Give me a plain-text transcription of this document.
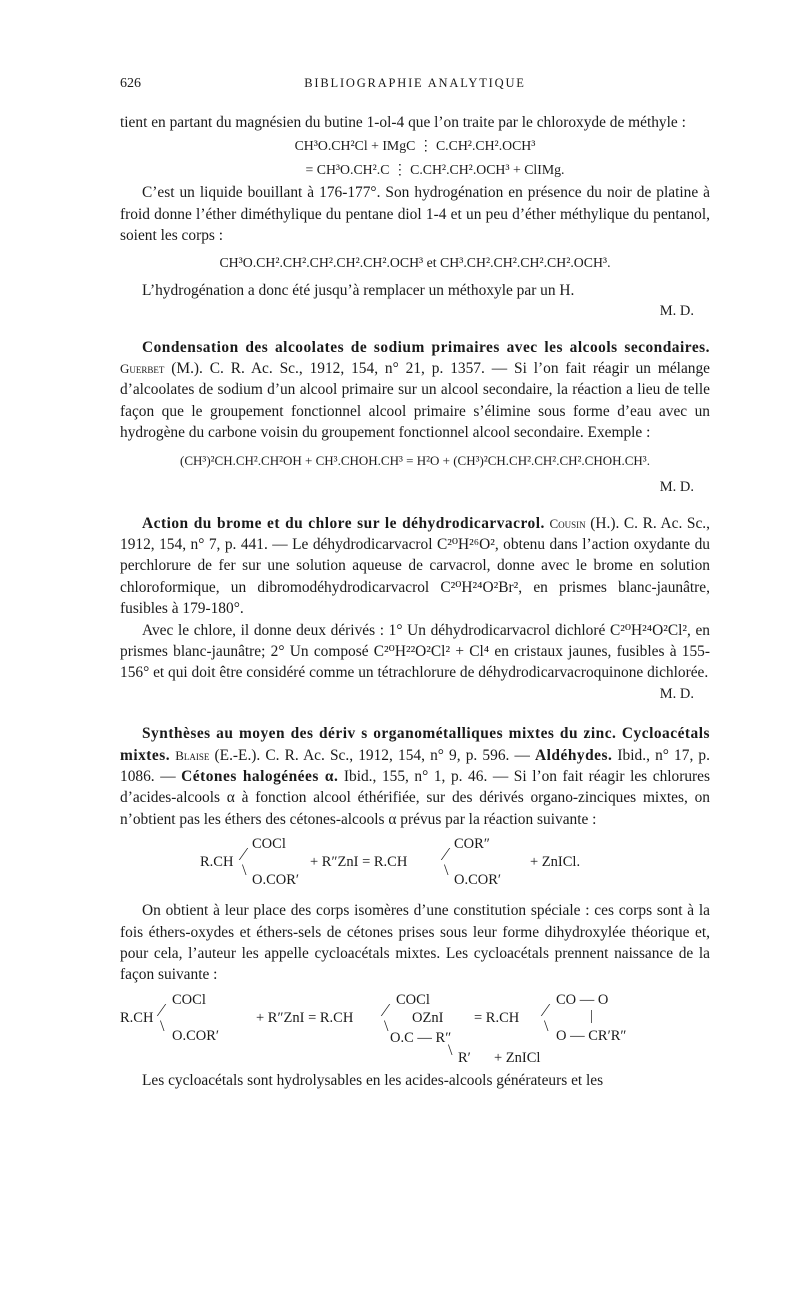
626	BIBLIOGRAPHIE ANALYTIQUE

tient en partant du magnésien du butine 1-ol-4 que l’on traite par le chloroxyde de méthyle :

CH³O.CH²Cl + IMgC ⋮ C.CH².CH².OCH³
= CH³O.CH².C ⋮ C.CH².CH².OCH³ + ClIMg.

C’est un liquide bouillant à 176-177°. Son hydrogénation en présence du noir de platine à froid donne l’éther diméthylique du pentane diol 1-4 et un peu d’éther méthylique du pentanol, soient les corps :

CH³O.CH².CH².CH².CH².CH².OCH³ et CH³.CH².CH².CH².CH².OCH³.

L’hydrogénation a donc été jusqu’à remplacer un méthoxyle par un H.

M. D.

Condensation des alcoolates de sodium primaires avec les alcools secondaires. Guerbet (M.). C. R. Ac. Sc., 1912, 154, n° 21, p. 1357. — Si l’on fait réagir un mélange d’alcoolates de sodium d’un alcool primaire sur un alcool secondaire, la réaction a lieu de telle façon que le groupement fonctionnel alcool primaire s’élimine sous forme d’eau avec un hydrogène du carbone voisin du groupement fonctionnel alcool secondaire. Exemple :

(CH³)²CH.CH².CH²OH + CH³.CHOH.CH³ = H²O + (CH³)²CH.CH².CH².CH².CHOH.CH³.
M. D.

Action du brome et du chlore sur le déhydrodicarvacrol. Cousin (H.). C. R. Ac. Sc., 1912, 154, n° 7, p. 441. — Le déhydrodicarvacrol C²⁰H²⁶O², obtenu dans l’action oxydante du perchlorure de fer sur une solution aqueuse de carvacrol, donne avec le brome en solution chloroformique, un dibromodéhydrodicarvacrol C²⁰H²⁴O²Br², en prismes blanc-jaunâtre, fusibles à 179-180°.

Avec le chlore, il donne deux dérivés : 1° Un déhydrodicarvacrol dichloré C²⁰H²⁴O²Cl², en prismes blanc-jaunâtre; 2° Un composé C²⁰H²²O²Cl² + Cl⁴ en cristaux jaunes, fusibles à 155-156° et qui doit être considéré comme un tétrachlorure de déhydrodicarvacroquinone dichlorée.

M. D.

Synthèses au moyen des dériv s organométalliques mixtes du zinc. Cycloacétals mixtes. Blaise (E.-E.). C. R. Ac. Sc., 1912, 154, n° 9, p. 596. — Aldéhydes. Ibid., n° 17, p. 1086. — Cétones halogénées α. Ibid., 155, n° 1, p. 46. — Si l’on fait réagir les chlorures d’acides-alcools α à fonction alcool éthérifiée, sur des dérivés organo-zinciques mixtes, on n’obtient pas les éthers des cétones-alcools α prévus par la réaction suivante :

R.CH ⁄ COCl
\
O.COR′
+ R″ZnI = R.CH ⁄ COR″
\
O.COR′
+ ZnICl.

On obtient à leur place des corps isomères d’une constitution spéciale : ces corps sont à la fois éthers-oxydes et éthers-sels de cétones prises sous leur forme dihydroxylée théorique et, pour cela, l’auteur les appelle cycloacétals mixtes. Les cycloacétals prennent naissance de la façon suivante :

R.CH ⁄ COCl
\
O.COR′
+ R″ZnI = R.CH ⁄ COCl
\ OZnI
O.C — R″
\ R′ + ZnICl
= R.CH ⁄ CO — O
|
\
O — CR′R″

Les cycloacétals sont hydrolysables en les acides-alcools générateurs et les
